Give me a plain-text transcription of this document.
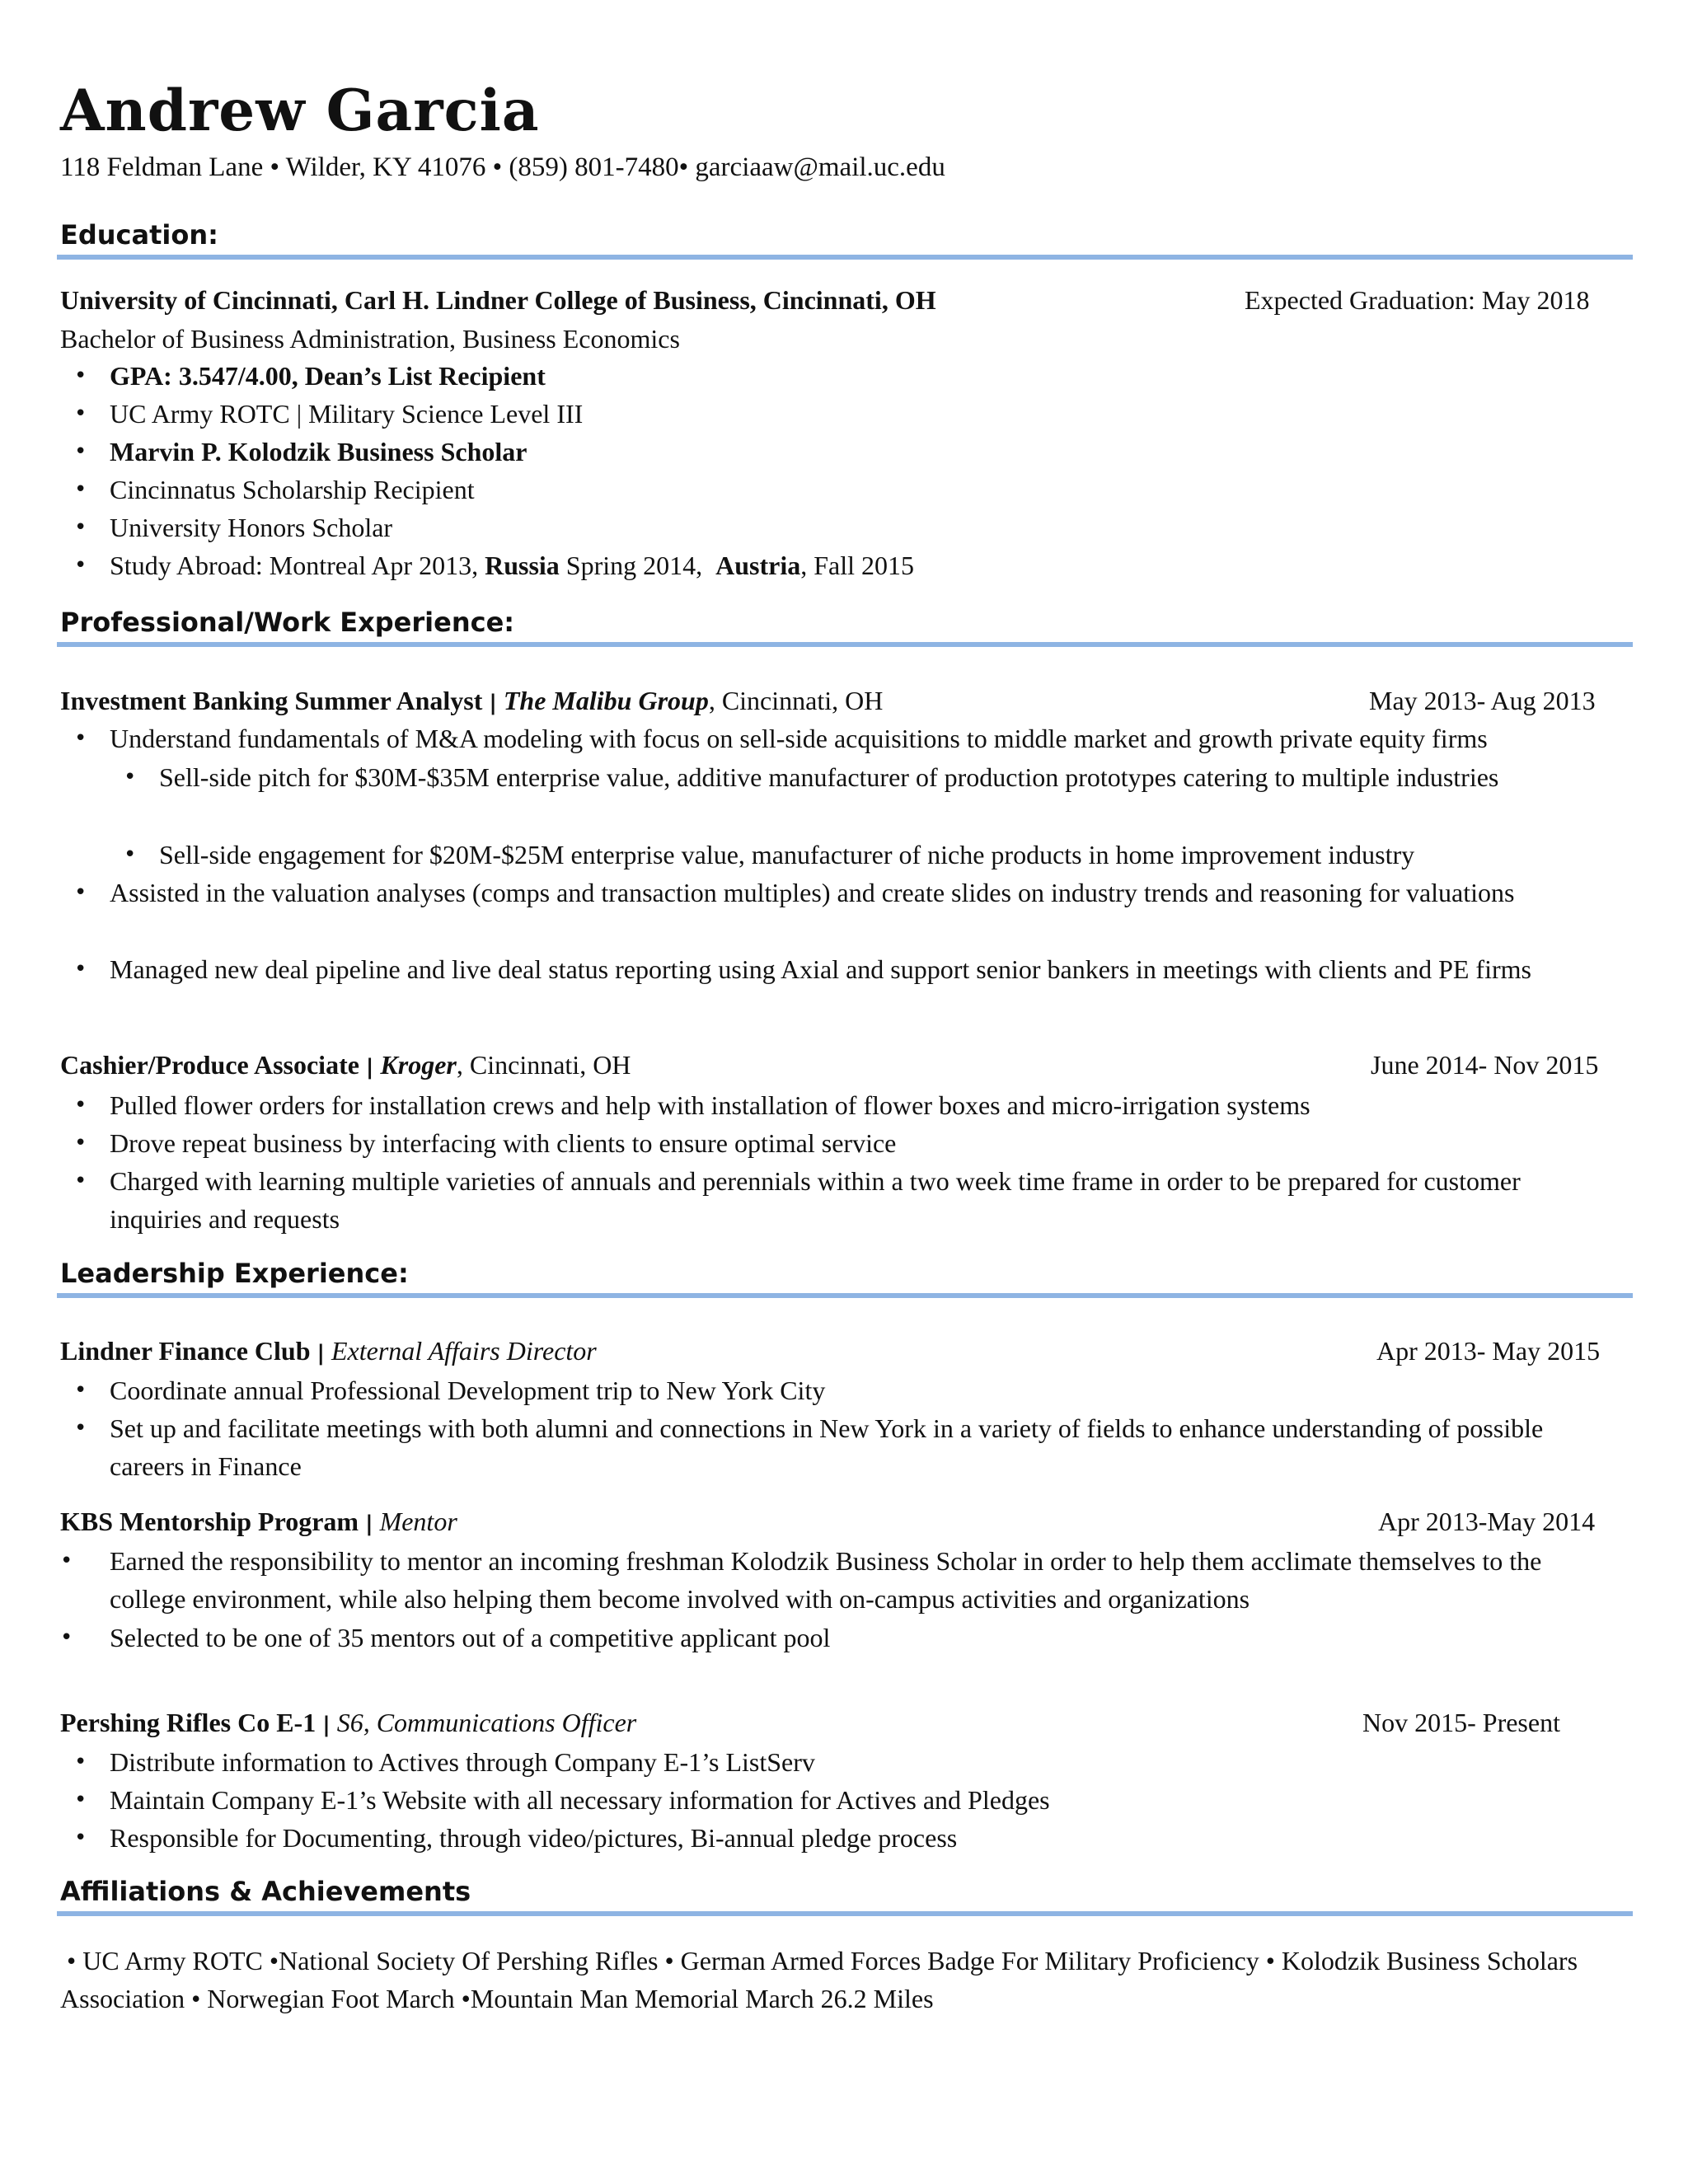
Andrew Garcia
118 Feldman Lane • Wilder, KY 41076 • (859) 801-7480• garciaaw@mail.uc.edu
Education:
University of Cincinnati, Carl H. Lindner College of Business, Cincinnati, OH	Expected Graduation: May 2018
Bachelor of Business Administration, Business Economics
• GPA: 3.547/4.00, Dean’s List Recipient
• UC Army ROTC | Military Science Level III
• Marvin P. Kolodzik Business Scholar
• Cincinnatus Scholarship Recipient
• University Honors Scholar
• Study Abroad: Montreal Apr 2013, Russia Spring 2014,  Austria, Fall 2015
Professional/Work Experience:
Investment Banking Summer Analyst | The Malibu Group, Cincinnati, OH	May 2013- Aug 2013
• Understand fundamentals of M&A modeling with focus on sell-side acquisitions to middle market and growth private equity firms
• Sell-side pitch for $30M-$35M enterprise value, additive manufacturer of production prototypes catering to multiple industries
• Sell-side engagement for $20M-$25M enterprise value, manufacturer of niche products in home improvement industry
• Assisted in the valuation analyses (comps and transaction multiples) and create slides on industry trends and reasoning for valuations
• Managed new deal pipeline and live deal status reporting using Axial and support senior bankers in meetings with clients and PE firms
Cashier/Produce Associate | Kroger, Cincinnati, OH	June 2014- Nov 2015
• Pulled flower orders for installation crews and help with installation of flower boxes and micro-irrigation systems
• Drove repeat business by interfacing with clients to ensure optimal service
• Charged with learning multiple varieties of annuals and perennials within a two week time frame in order to be prepared for customer inquiries and requests
Leadership Experience:
Lindner Finance Club | External Affairs Director	Apr 2013- May 2015
• Coordinate annual Professional Development trip to New York City
• Set up and facilitate meetings with both alumni and connections in New York in a variety of fields to enhance understanding of possible careers in Finance
KBS Mentorship Program | Mentor	Apr 2013-May 2014
•	Earned the responsibility to mentor an incoming freshman Kolodzik Business Scholar in order to help them acclimate themselves to the college environment, while also helping them become involved with on-campus activities and organizations
•	Selected to be one of 35 mentors out of a competitive applicant pool
Pershing Rifles Co E-1 | S6, Communications Officer	Nov 2015- Present
• Distribute information to Actives through Company E-1’s ListServ
• Maintain Company E-1’s Website with all necessary information for Actives and Pledges
• Responsible for Documenting, through video/pictures, Bi-annual pledge process
Affiliations & Achievements
• UC Army ROTC •National Society Of Pershing Rifles • German Armed Forces Badge For Military Proficiency • Kolodzik Business Scholars Association • Norwegian Foot March •Mountain Man Memorial March 26.2 Miles
